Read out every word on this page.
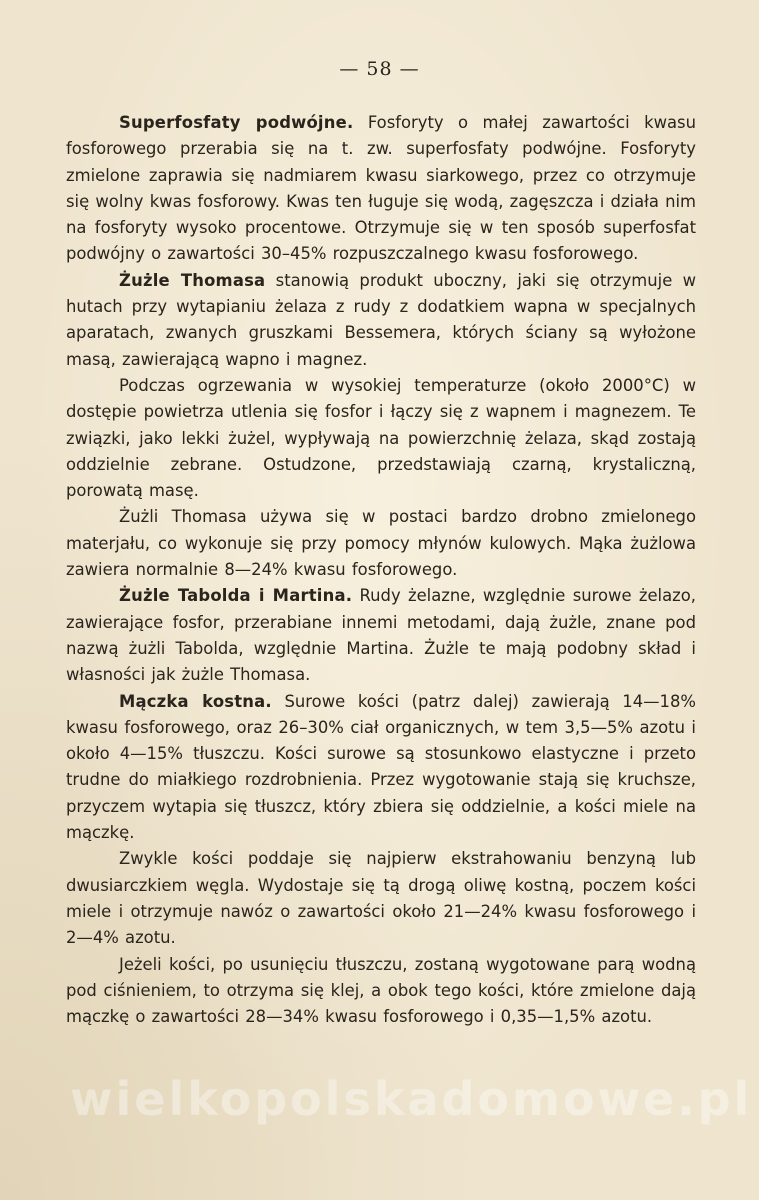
— 58 —

Superfosfaty podwójne. Fosforyty o małej zawartości kwasu fosforowego przerabia się na t. zw. superfosfaty podwójne. Fosforyty zmielone zaprawia się nadmiarem kwasu siarkowego, przez co otrzymuje się wolny kwas fosforowy. Kwas ten ługuje się wodą, zagęszcza i działa nim na fosforyty wysoko procentowe. Otrzymuje się w ten sposób superfosfat podwójny o zawartości 30–45% rozpuszczalnego kwasu fosforowego.

Żużle Thomasa stanowią produkt uboczny, jaki się otrzymuje w hutach przy wytapianiu żelaza z rudy z dodatkiem wapna w specjalnych aparatach, zwanych gruszkami Bessemera, których ściany są wyłożone masą, zawierającą wapno i magnez.

Podczas ogrzewania w wysokiej temperaturze (około 2000°C) w dostępie powietrza utlenia się fosfor i łączy się z wapnem i magnezem. Te związki, jako lekki żużel, wypływają na powierzchnię żelaza, skąd zostają oddzielnie zebrane. Ostudzone, przedstawiają czarną, krystaliczną, porowatą masę.

Żużli Thomasa używa się w postaci bardzo drobno zmielonego materjału, co wykonuje się przy pomocy młynów kulowych. Mąka żużlowa zawiera normalnie 8—24% kwasu fosforowego.

Żużle Tabolda i Martina. Rudy żelazne, względnie surowe żelazo, zawierające fosfor, przerabiane innemi metodami, dają żużle, znane pod nazwą żużli Tabolda, względnie Martina. Żużle te mają podobny skład i własności jak żużle Thomasa.

Mączka kostna. Surowe kości (patrz dalej) zawierają 14—18% kwasu fosforowego, oraz 26–30% ciał organicznych, w tem 3,5—5% azotu i około 4—15% tłuszczu. Kości surowe są stosunkowo elastyczne i przeto trudne do miałkiego rozdrobnienia. Przez wygotowanie stają się kruchsze, przyczem wytapia się tłuszcz, który zbiera się oddzielnie, a kości miele na mączkę.

Zwykle kości poddaje się najpierw ekstrahowaniu benzyną lub dwusiarczkiem węgla. Wydostaje się tą drogą oliwę kostną, poczem kości miele i otrzymuje nawóz o zawartości około 21—24% kwasu fosforowego i 2—4% azotu.

Jeżeli kości, po usunięciu tłuszczu, zostaną wygotowane parą wodną pod ciśnieniem, to otrzyma się klej, a obok tego kości, które zmielone dają mączkę o zawartości 28—34% kwasu fosforowego i 0,35—1,5% azotu.

wielkopolskadomowe.pl
